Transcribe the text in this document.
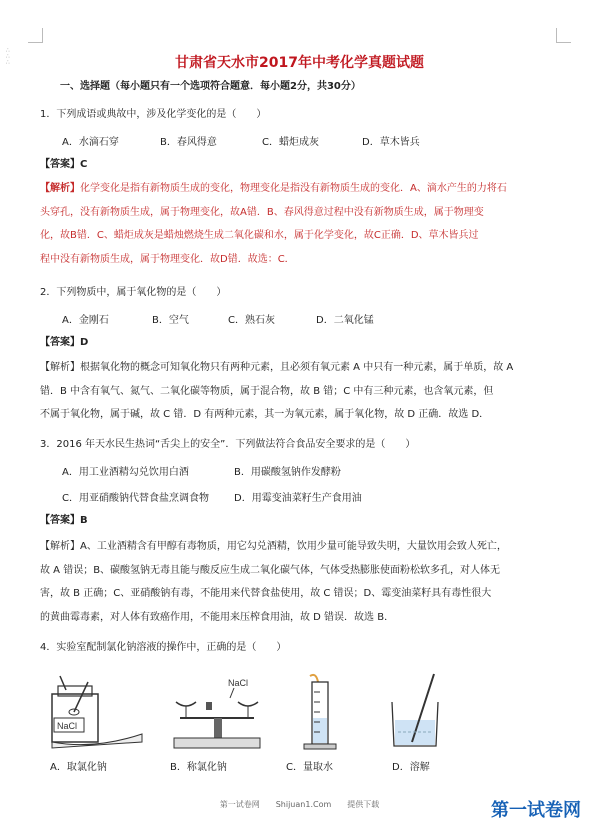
∴
∴
∴	甘肃省天水市2017年中考化学真题试题
一、选择题（每小题只有一个选项符合题意．每小题2分，共30分）
1．下列成语或典故中，涉及化学变化的是（　　）
A．水滴石穿	B．春风得意	C．蜡炬成灰	D．草木皆兵
【答案】C
【解析】化学变化是指有新物质生成的变化，物理变化是指没有新物质生成的变化．A、滴水产生的力将石
头穿孔，没有新物质生成，属于物理变化，故A错．B、春风得意过程中没有新物质生成，属于物理变
化，故B错．C、蜡炬成灰是蜡烛燃烧生成二氧化碳和水，属于化学变化，故C正确．D、草木皆兵过
程中没有新物质生成，属于物理变化．故D错．故选：C．
2．下列物质中，属于氧化物的是（　　）
A．金刚石	B．空气	C．熟石灰	D．二氧化锰
【答案】D
【解析】根据氧化物的概念可知氧化物只有两种元素，且必须有氧元素 A 中只有一种元素，属于单质，故 A
错．B 中含有氧气、氮气、二氧化碳等物质，属于混合物，故 B 错；C 中有三种元素，也含氧元素，但
不属于氧化物，属于碱，故 C 错．D 有两种元素，其一为氧元素，属于氧化物，故 D 正确．故选 D．
3．2016 年天水民生热词“舌尖上的安全”．下列做法符合食品安全要求的是（　　）
A．用工业酒精勾兑饮用白酒	B．用碳酸氢钠作发酵粉
C．用亚硝酸钠代替食盐烹调食物	D．用霉变油菜籽生产食用油
【答案】B
【解析】A、工业酒精含有甲醇有毒物质，用它勾兑酒精，饮用少量可能导致失明，大量饮用会致人死亡，
故 A 错误；B、碳酸氢钠无毒且能与酸反应生成二氧化碳气体，气体受热膨胀使面粉松软多孔，对人体无
害，故 B 正确；C、亚硝酸钠有毒，不能用来代替食盐使用，故 C 错误；D、霉变油菜籽具有毒性很大
的黄曲霉毒素，对人体有致癌作用，不能用来压榨食用油，故 D 错误．故选 B．
4．实验室配制氯化钠溶液的操作中，正确的是（　　）
NaCl
A．取氯化钠
NaCl
B．称氯化钠	C．量取水	D．溶解
第一试卷网　　Shijuan1.Com　　提供下载	第一试卷网
